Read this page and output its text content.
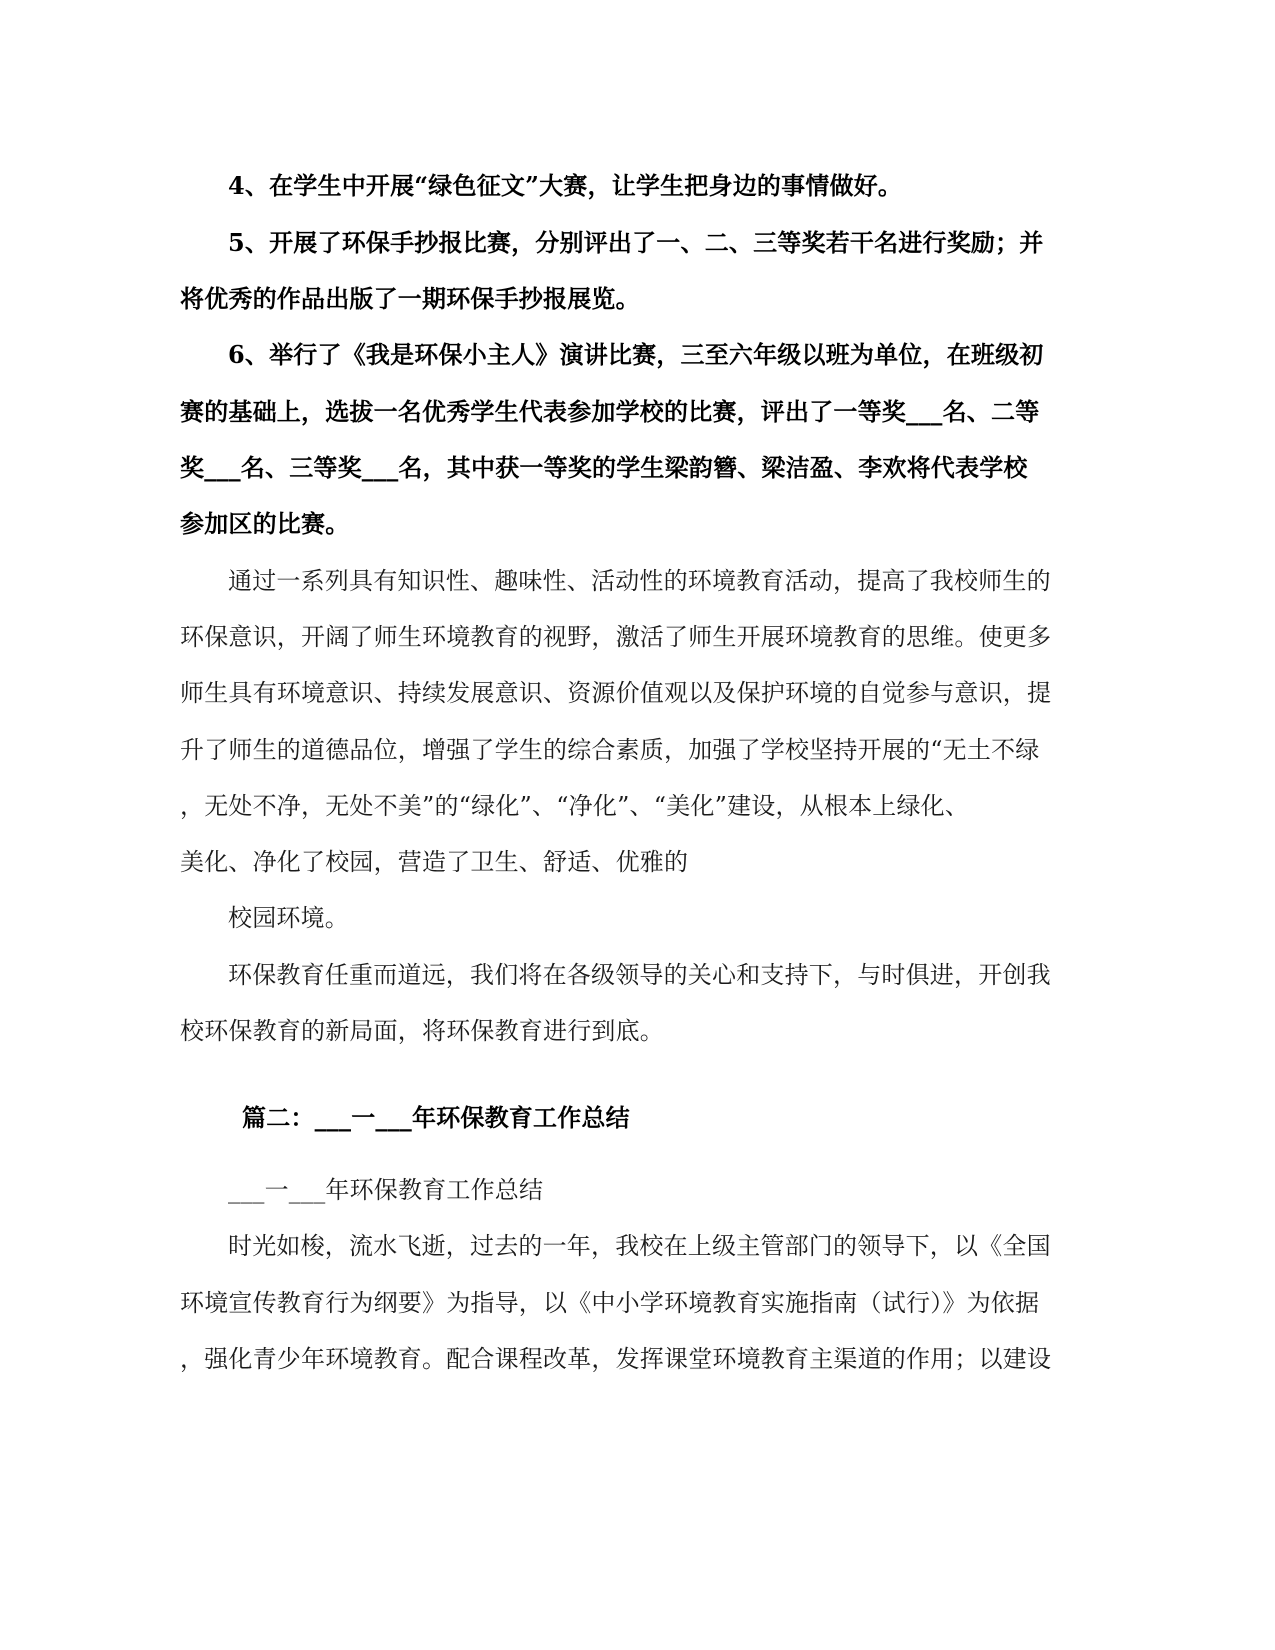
4、在学生中开展“绿色征文”大赛，让学生把身边的事情做好。
5、开展了环保手抄报比赛，分别评出了一、二、三等奖若干名进行奖励；并
将优秀的作品出版了一期环保手抄报展览。
6、举行了《我是环保小主人》演讲比赛，三至六年级以班为单位，在班级初
赛的基础上，选拔一名优秀学生代表参加学校的比赛，评出了一等奖___名、二等
奖___名、三等奖___名，其中获一等奖的学生梁韵簪、梁洁盈、李欢将代表学校
参加区的比赛。
通过一系列具有知识性、趣味性、活动性的环境教育活动，提高了我校师生的
环保意识，开阔了师生环境教育的视野，激活了师生开展环境教育的思维。使更多
师生具有环境意识、持续发展意识、资源价值观以及保护环境的自觉参与意识，提
升了师生的道德品位，增强了学生的综合素质，加强了学校坚持开展的“无土不绿
，无处不净，无处不美”的“绿化”、“净化”、“美化”建设，从根本上绿化、
美化、净化了校园，营造了卫生、舒适、优雅的
校园环境。
环保教育任重而道远，我们将在各级领导的关心和支持下，与时俱进，开创我
校环保教育的新局面，将环保教育进行到底。
篇二：___一___年环保教育工作总结
___一___年环保教育工作总结
时光如梭，流水飞逝，过去的一年，我校在上级主管部门的领导下，以《全国
环境宣传教育行为纲要》为指导，以《中小学环境教育实施指南（试行）》为依据
，强化青少年环境教育。配合课程改革，发挥课堂环境教育主渠道的作用；以建设
